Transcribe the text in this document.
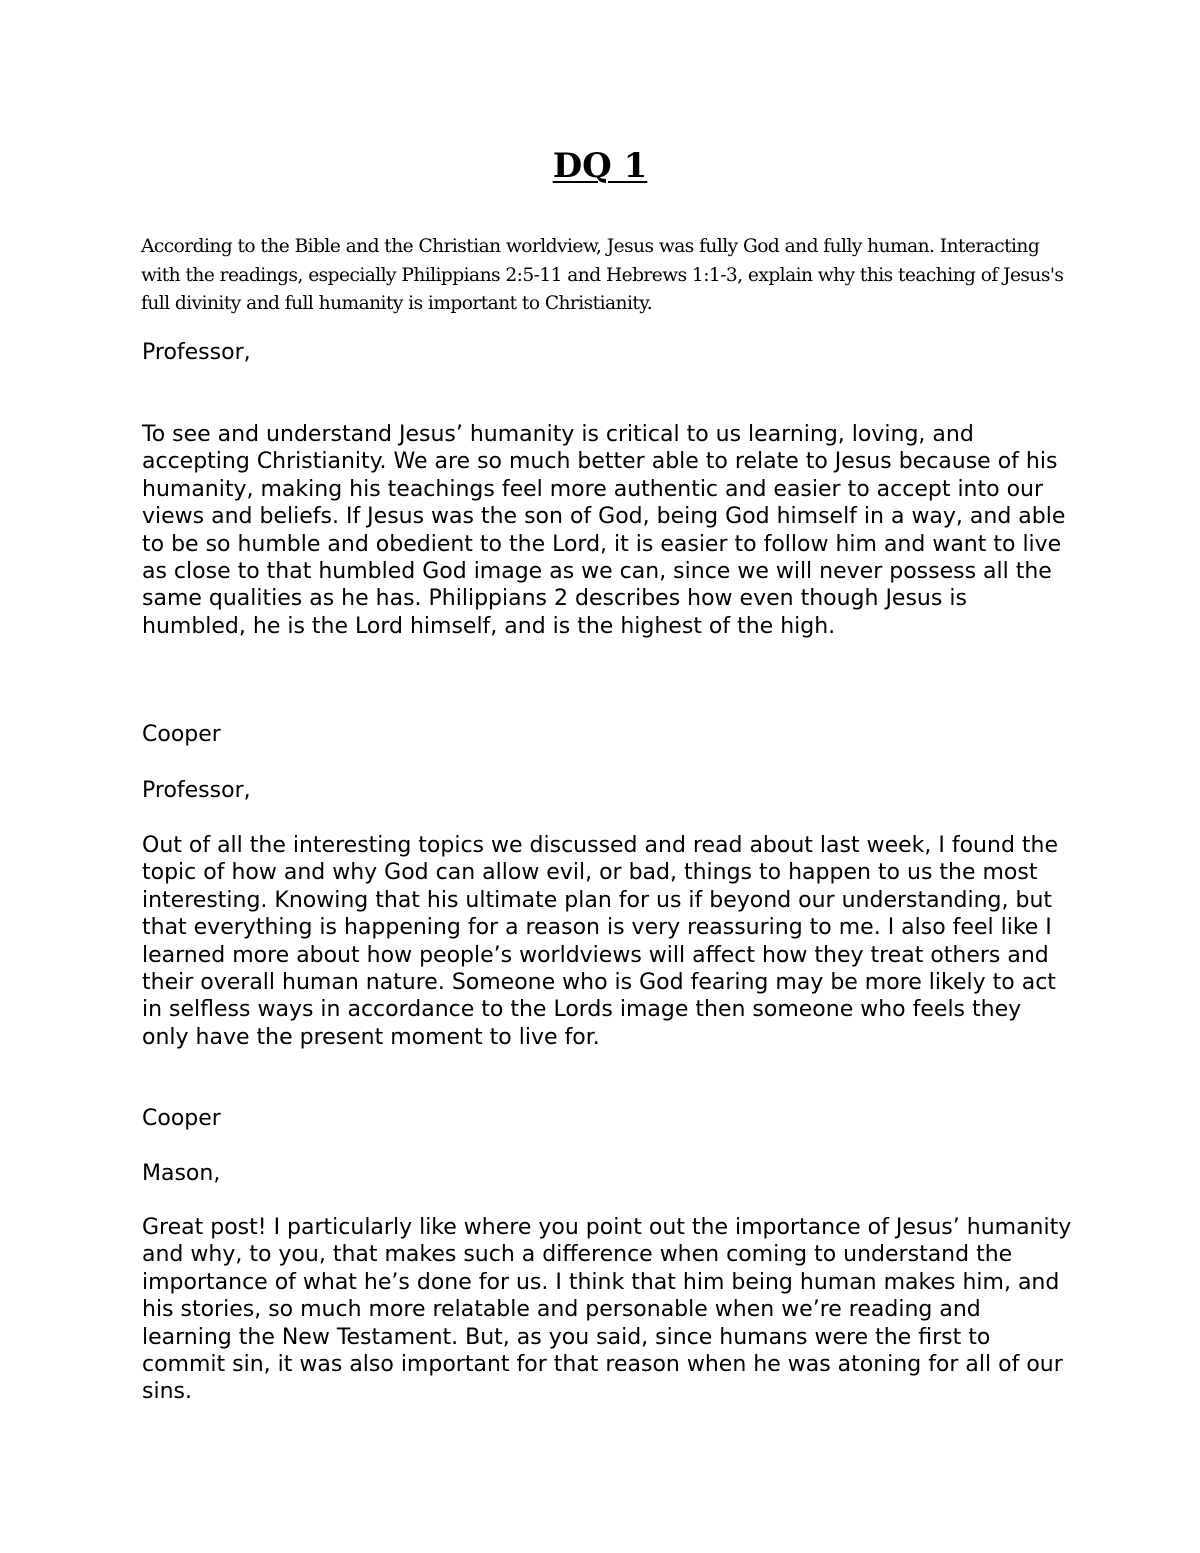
DQ 1

According to the Bible and the Christian worldview, Jesus was fully God and fully human. Interacting with the readings, especially Philippians 2:5-11 and Hebrews 1:1-3, explain why this teaching of Jesus's full divinity and full humanity is important to Christianity.

Professor,

To see and understand Jesus’ humanity is critical to us learning, loving, and accepting Christianity. We are so much better able to relate to Jesus because of his humanity, making his teachings feel more authentic and easier to accept into our views and beliefs. If Jesus was the son of God, being God himself in a way, and able to be so humble and obedient to the Lord, it is easier to follow him and want to live as close to that humbled God image as we can, since we will never possess all the same qualities as he has. Philippians 2 describes how even though Jesus is humbled, he is the Lord himself, and is the highest of the high.

Cooper

Professor,

Out of all the interesting topics we discussed and read about last week, I found the topic of how and why God can allow evil, or bad, things to happen to us the most interesting. Knowing that his ultimate plan for us if beyond our understanding, but that everything is happening for a reason is very reassuring to me. I also feel like I learned more about how people’s worldviews will affect how they treat others and their overall human nature. Someone who is God fearing may be more likely to act in selfless ways in accordance to the Lords image then someone who feels they only have the present moment to live for.

Cooper

Mason,

Great post! I particularly like where you point out the importance of Jesus’ humanity and why, to you, that makes such a difference when coming to understand the importance of what he’s done for us. I think that him being human makes him, and his stories, so much more relatable and personable when we’re reading and learning the New Testament. But, as you said, since humans were the first to commit sin, it was also important for that reason when he was atoning for all of our sins.
